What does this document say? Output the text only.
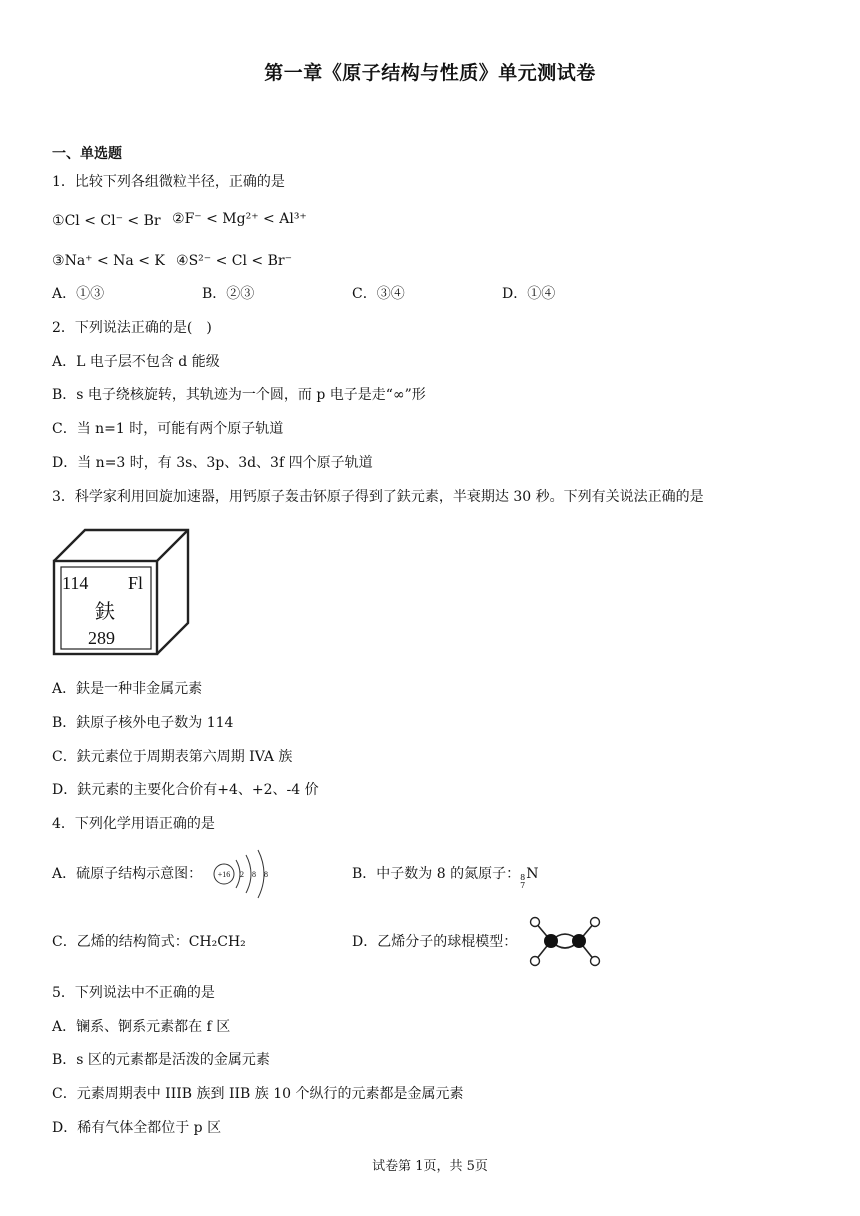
第一章《原子结构与性质》单元测试卷
一、单选题
1．比较下列各组微粒半径，正确的是
①Cl < Cl⁻ < Br ②F⁻ < Mg²⁺ < Al³⁺
③Na⁺ < Na < K ④S²⁻ < Cl < Br⁻
A．①③	B．②③	C．③④	D．①④
2．下列说法正确的是(　)
A．L 电子层不包含 d 能级
B．s 电子绕核旋转，其轨迹为一个圆，而 p 电子是走“∞”形
C．当 n=1 时，可能有两个原子轨道
D．当 n=3 时，有 3s、3p、3d、3f 四个原子轨道
3．科学家利用回旋加速器，用钙原子轰击钚原子得到了鈇元素，半衰期达 30 秒。下列有关说法正确的是
114 Fl
鈇
289
A．鈇是一种非金属元素
B．鈇原子核外电子数为 114
C．鈇元素位于周期表第六周期 IVA 族
D．鈇元素的主要化合价有+4、+2、-4 价
4．下列化学用语正确的是
A．硫原子结构示意图： +16 2 8 8	B．中子数为 8 的氮原子： 8
7
N
C．乙烯的结构简式：CH₂CH₂	D．乙烯分子的球棍模型：
5．下列说法中不正确的是
A．镧系、锕系元素都在 f 区
B．s 区的元素都是活泼的金属元素
C．元素周期表中 IIIB 族到 IIB 族 10 个纵行的元素都是金属元素
D．稀有气体全都位于 p 区
试卷第 1页，共 5页
